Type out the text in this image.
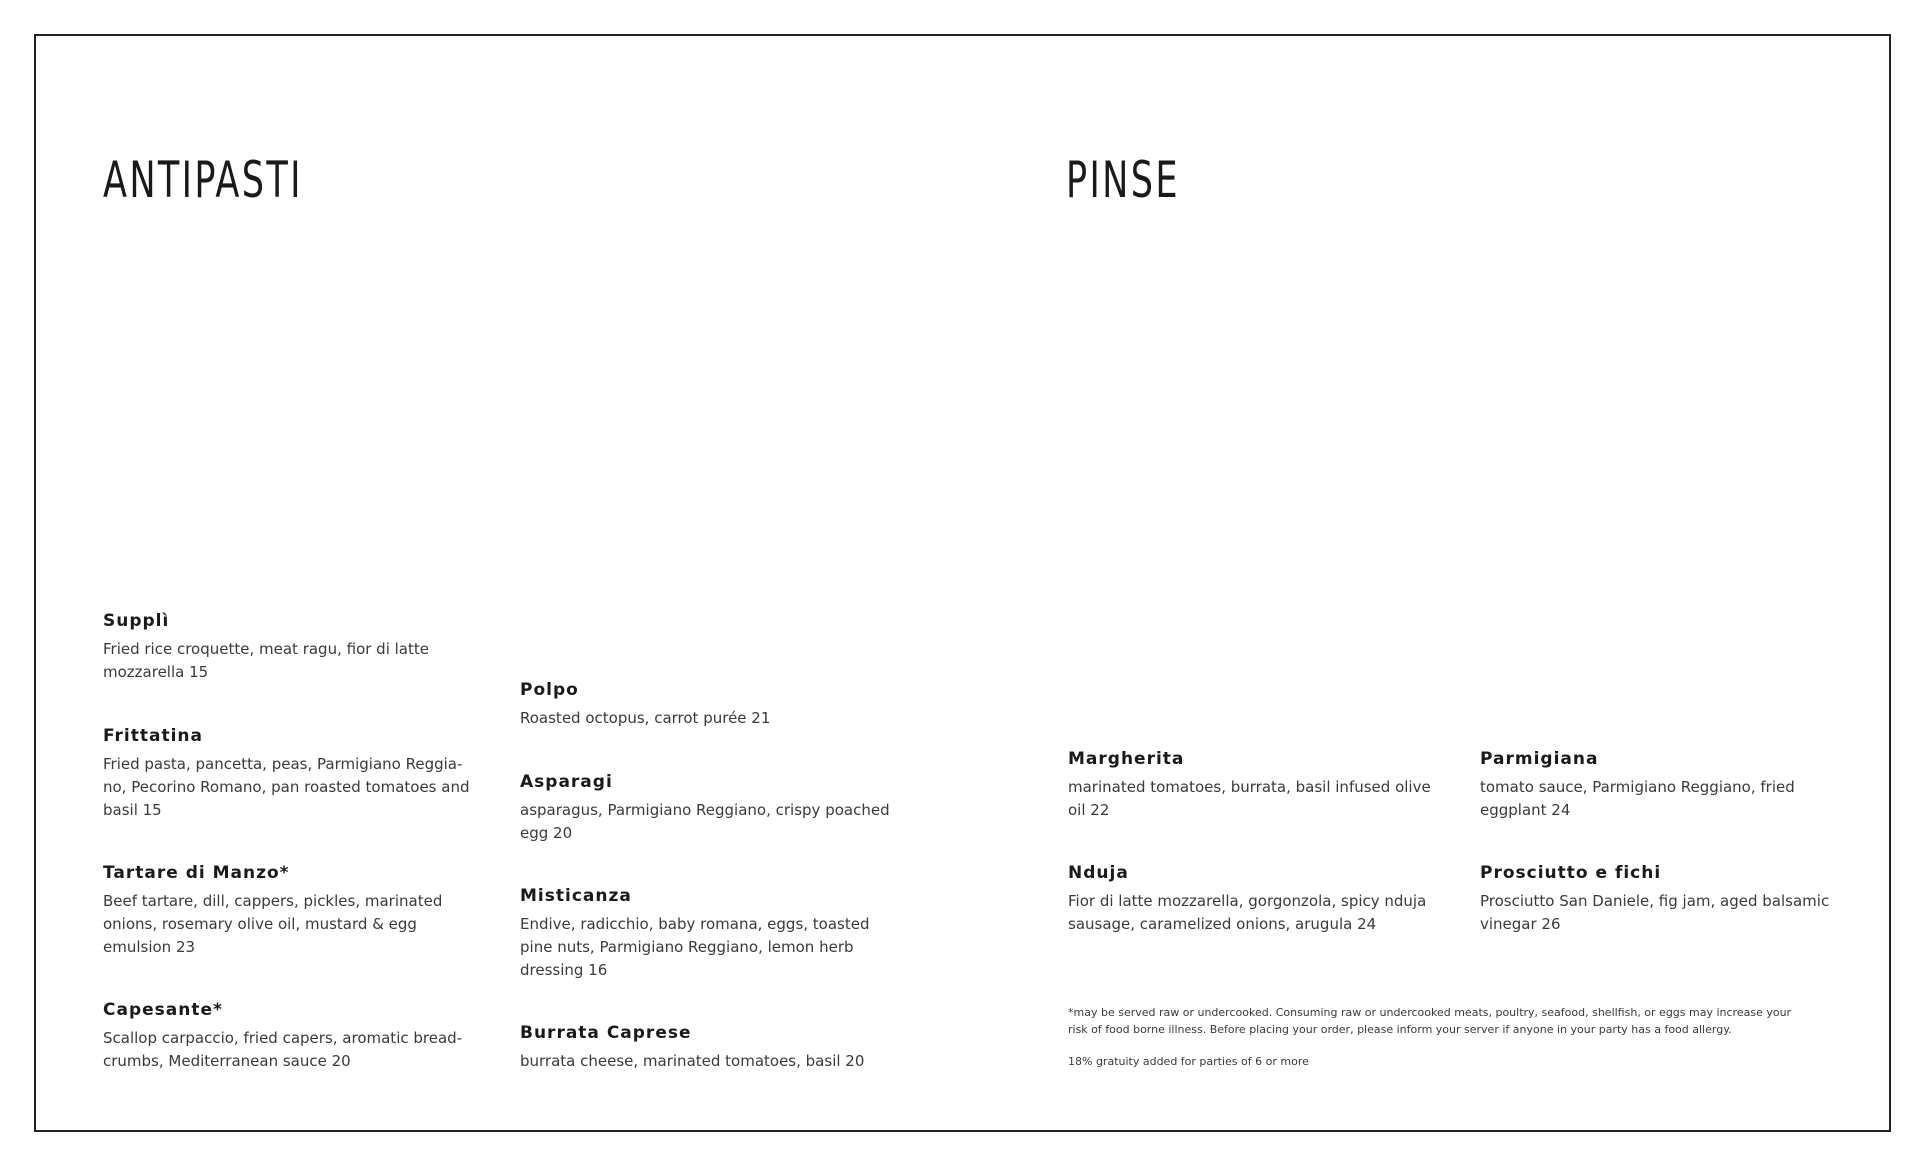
ANTIPASTI	PINSE
Supplì
Fried rice croquette, meat ragu, fior di latte mozzarella 15
Frittatina
Fried pasta, pancetta, peas, Parmigiano Reggia-no, Pecorino Romano, pan roasted tomatoes and basil 15
Tartare di Manzo*
Beef tartare, dill, cappers, pickles, marinated onions, rosemary olive oil, mustard & egg emulsion 23
Capesante*
Scallop carpaccio, fried capers, aromatic bread-crumbs, Mediterranean sauce 20
Polpo
Roasted octopus, carrot purée 21
Asparagi
asparagus, Parmigiano Reggiano, crispy poached egg 20
Misticanza
Endive, radicchio, baby romana, eggs, toasted pine nuts, Parmigiano Reggiano, lemon herb dressing 16
Burrata Caprese
burrata cheese, marinated tomatoes, basil 20
Margherita
marinated tomatoes, burrata, basil infused olive oil 22
Parmigiana
tomato sauce, Parmigiano Reggiano, fried eggplant 24
Nduja
Fior di latte mozzarella, gorgonzola, spicy nduja sausage, caramelized onions, arugula 24
Prosciutto e fichi
Prosciutto San Daniele, fig jam, aged balsamic vinegar 26

*may be served raw or undercooked. Consuming raw or undercooked meats, poultry, seafood, shellfish, or eggs may increase your risk of food borne illness. Before placing your order, please inform your server if anyone in your party has a food allergy.

18% gratuity added for parties of 6 or more
